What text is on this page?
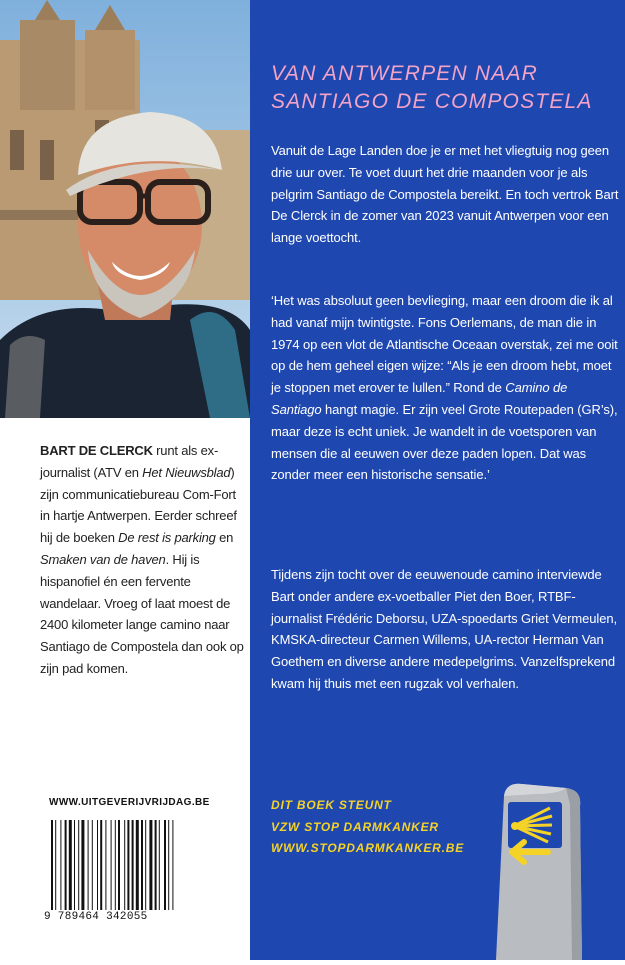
BART DE CLERCK runt als ex-journalist (ATV en Het Nieuwsblad) zijn communicatiebureau Com-Fort in hartje Antwerpen. Eerder schreef hij de boeken De rest is parking en Smaken van de haven. Hij is hispanofiel én een fervente wandelaar. Vroeg of laat moest de 2400 kilometer lange camino naar Santiago de Compostela dan ook op zijn pad komen.
WWW.UITGEVERIJVRIJDAG.BE
9 789464 342055
VAN ANTWERPEN NAAR
SANTIAGO DE COMPOSTELA

Vanuit de Lage Landen doe je er met het vliegtuig nog geen drie uur over. Te voet duurt het drie maanden voor je als pelgrim Santiago de Compostela bereikt. En toch vertrok Bart De Clerck in de zomer van 2023 vanuit Antwerpen voor een lange voettocht.

‘Het was absoluut geen bevlieging, maar een droom die ik al had vanaf mijn twintigste. Fons Oerlemans, de man die in 1974 op een vlot de Atlantische Oceaan overstak, zei me ooit op de hem geheel eigen wijze: “Als je een droom hebt, moet je stoppen met erover te lullen.” Rond de Camino de Santiago hangt magie. Er zijn veel Grote Routepaden (GR’s), maar deze is echt uniek. Je wandelt in de voetsporen van mensen die al eeuwen over deze paden lopen. Dat was zonder meer een historische sensatie.’

Tijdens zijn tocht over de eeuwenoude camino interviewde Bart onder andere ex-voetballer Piet den Boer, RTBF-journalist Frédéric Deborsu, UZA-spoedarts Griet Vermeulen, KMSKA-directeur Carmen Willems, UA-rector Herman Van Goethem en diverse andere medepelgrims. Vanzelfsprekend kwam hij thuis met een rugzak vol verhalen.

DIT BOEK STEUNT
VZW STOP DARMKANKER
WWW.STOPDARMKANKER.BE
